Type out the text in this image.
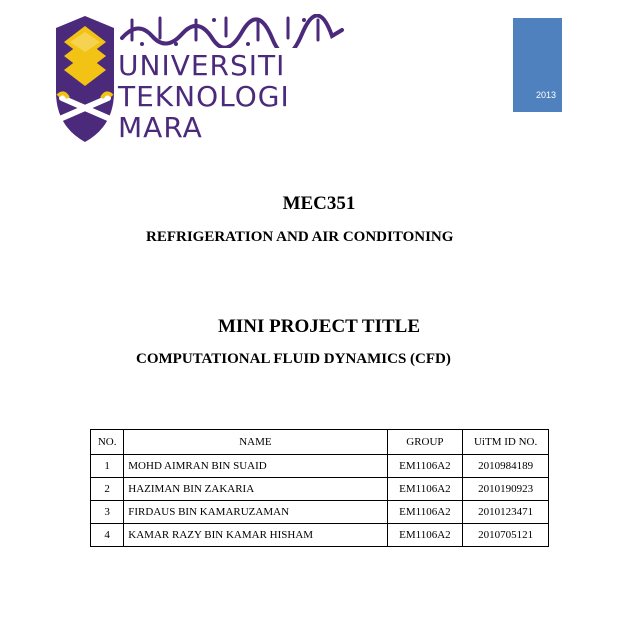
UNIVERSITI
TEKNOLOGI
MARA
2013
MEC351
REFRIGERATION AND AIR CONDITONING
MINI PROJECT TITLE
COMPUTATIONAL FLUID DYNAMICS (CFD)
NO.	NAME	GROUP	UiTM ID NO.
1	MOHD AIMRAN BIN SUAID	EM1106A2	2010984189
2	HAZIMAN BIN ZAKARIA	EM1106A2	2010190923
3	FIRDAUS BIN KAMARUZAMAN	EM1106A2	2010123471
4	KAMAR RAZY BIN KAMAR HISHAM	EM1106A2	2010705121
